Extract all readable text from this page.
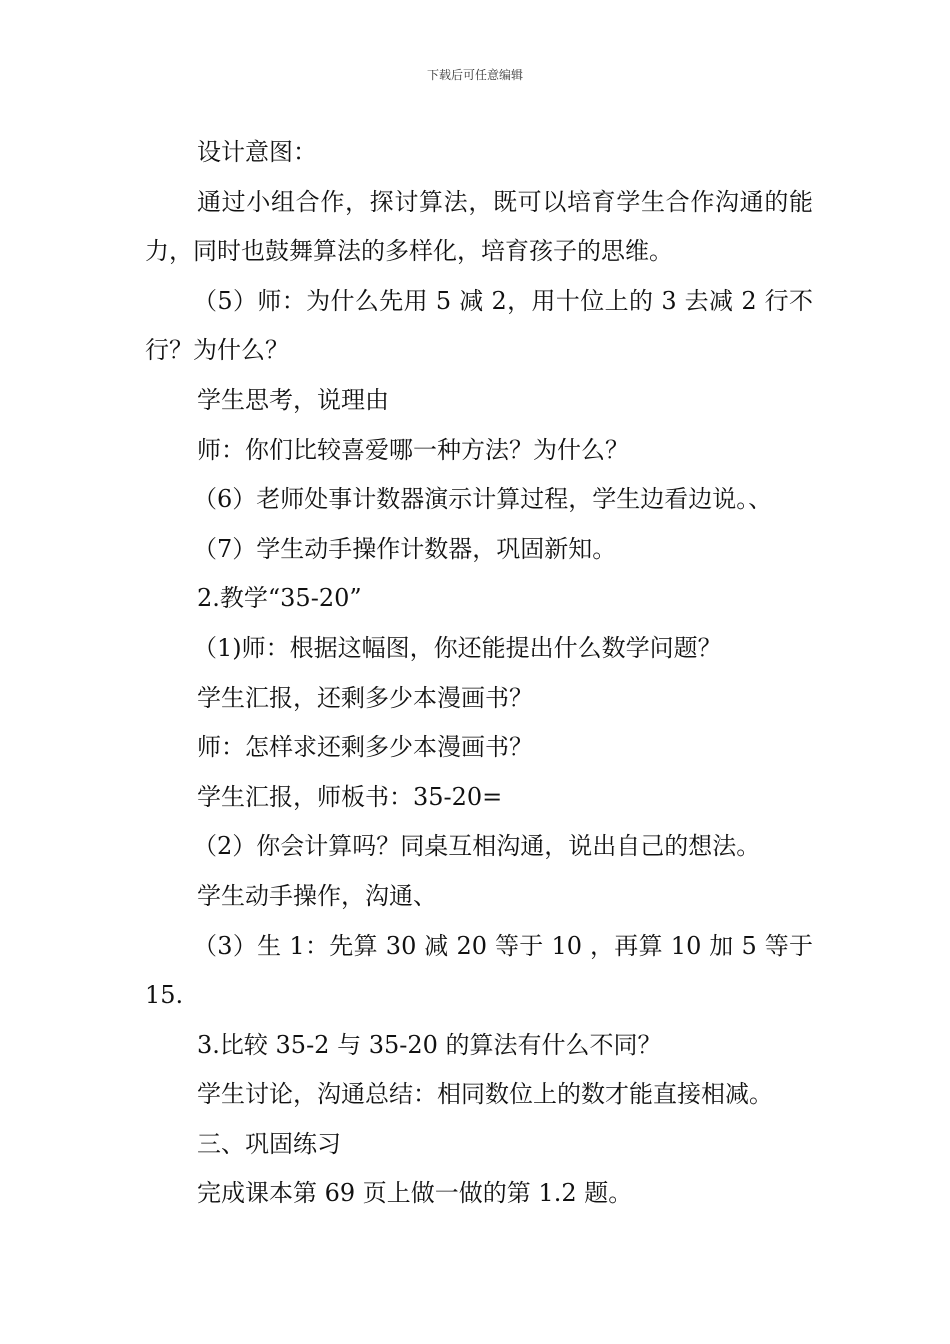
下载后可任意编辑

设计意图：

通过小组合作，探讨算法，既可以培育学生合作沟通的能力，同时也鼓舞算法的多样化，培育孩子的思维。

（5）师：为什么先用 5 减 2，用十位上的 3 去减 2 行不行？为什么？

学生思考，说理由

师：你们比较喜爱哪一种方法？为什么？

（6）老师处事计数器演示计算过程，学生边看边说。、

（7）学生动手操作计数器，巩固新知。

2.教学“35-20”

（1)师：根据这幅图，你还能提出什么数学问题？

学生汇报，还剩多少本漫画书？

师：怎样求还剩多少本漫画书？

学生汇报，师板书：35-20=

（2）你会计算吗？同桌互相沟通，说出自己的想法。

学生动手操作，沟通、

（3）生 1：先算 30 减 20 等于 10 ，再算 10 加 5 等于 15.

3.比较 35-2 与 35-20 的算法有什么不同？

学生讨论，沟通总结：相同数位上的数才能直接相减。

三、巩固练习

完成课本第 69 页上做一做的第 1.2 题。
